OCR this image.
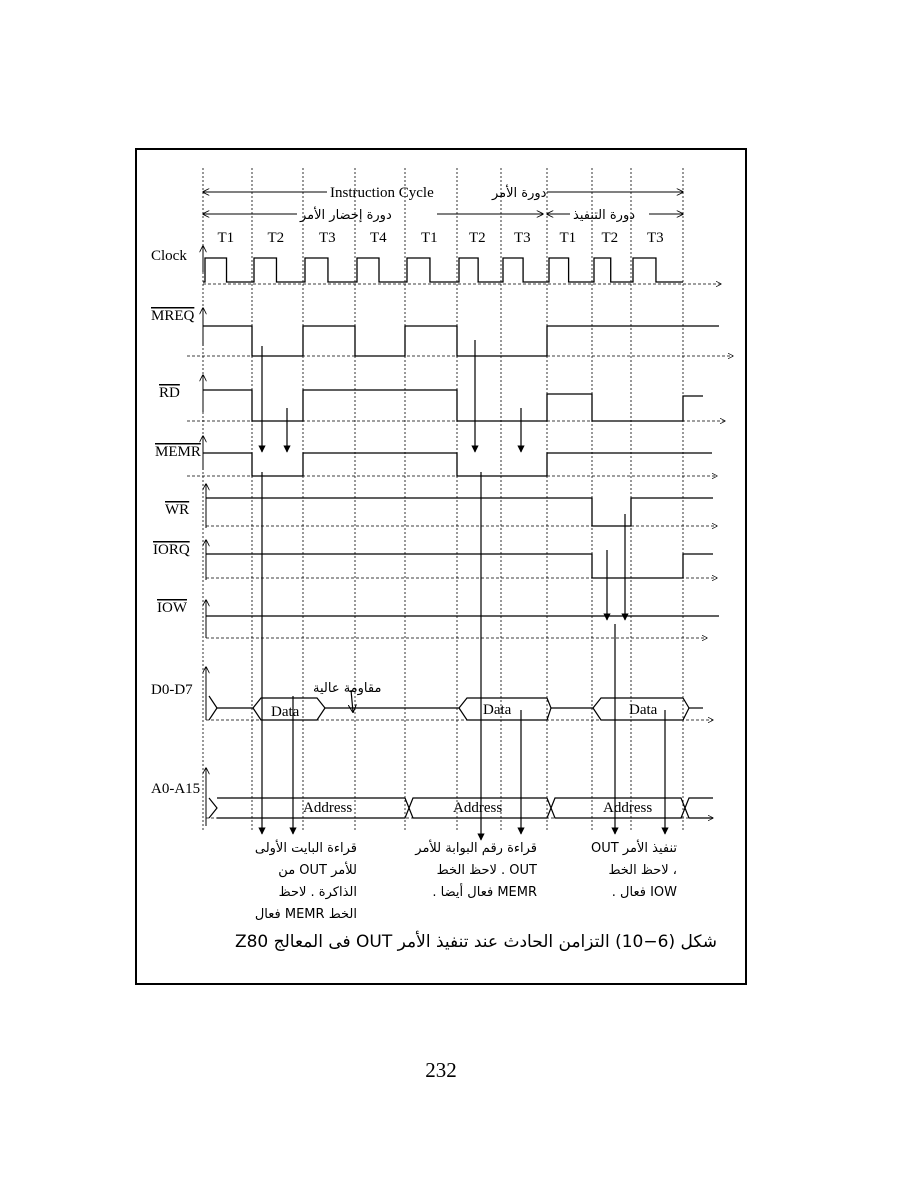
Instruction Cycle	دورة الأمر
دورة إحضار الأمر	دورة التنفيذ
T1 T2 T3 T4 T1 T2 T3 T1 T2 T3
Clock
MREQ
RD
MEMR
WR
IORQ
IOW
D0-D7
A0-A15
مقاومة عالية
Data	Data	Data
Address	Address	Address

قراءة البايت الأولى
للأمر OUT من
الذاكرة . لاحظ
الخط MEMR فعال

قراءة رقم البوابة للأمر
OUT . لاحظ الخط
MEMR فعال أيضا .

تنفيذ الأمر OUT
، لاحظ الخط
IOW فعال .

شكل (6−10) التزامن الحادث عند تنفيذ الأمر OUT فى المعالج Z80
232
